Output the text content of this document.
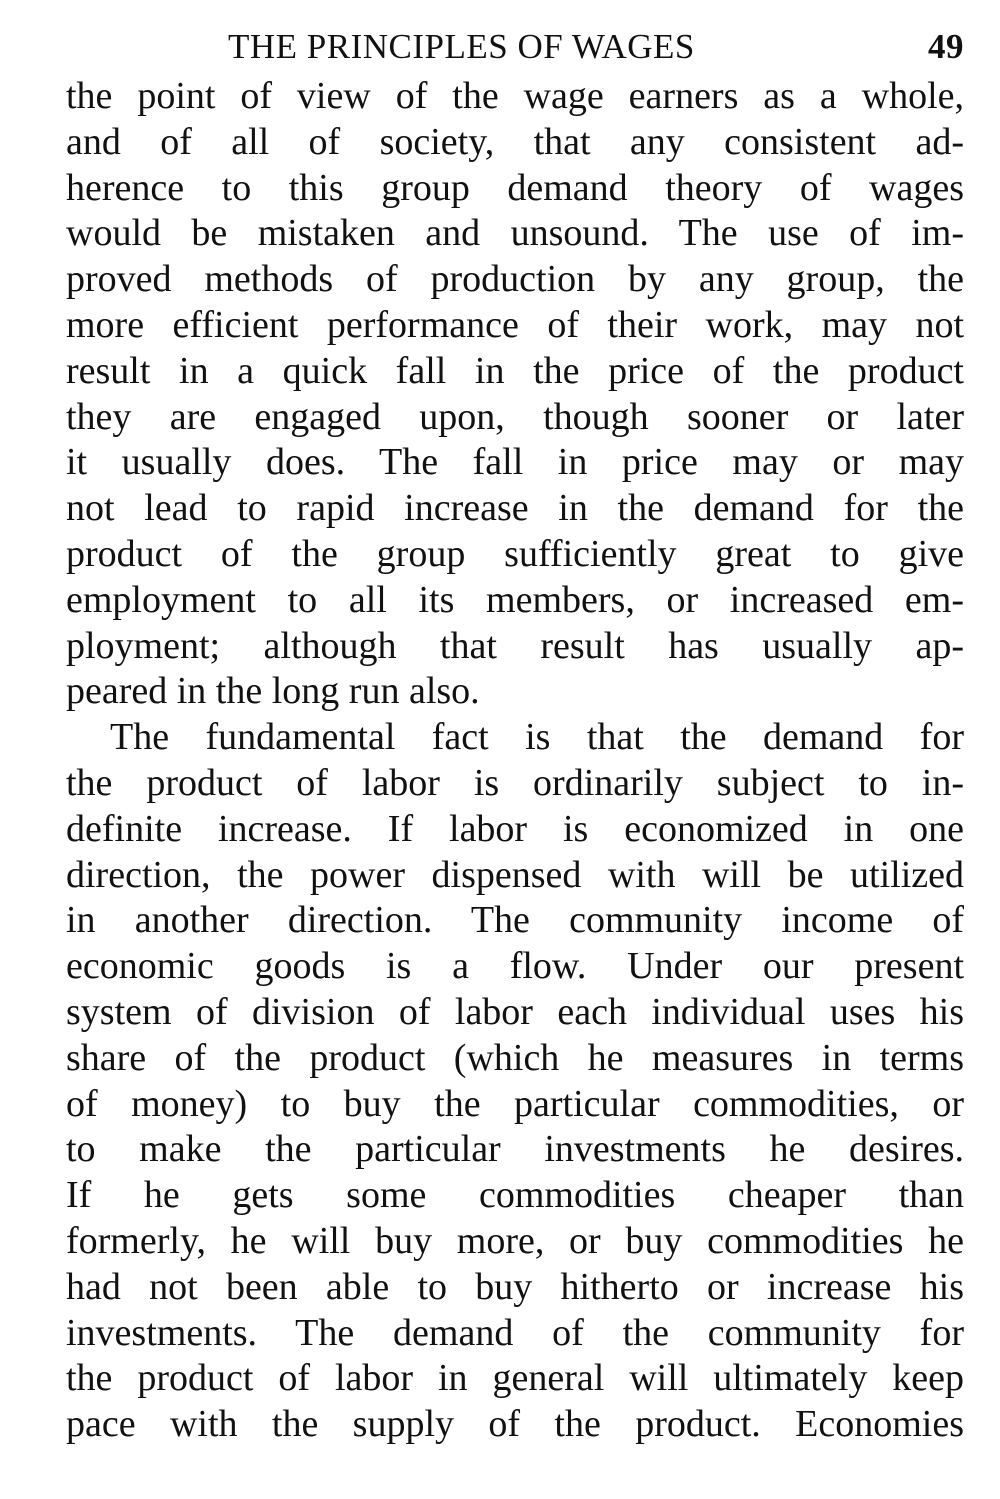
THE PRINCIPLES OF WAGES	49
the point of view of the wage earners as a whole,
and of all of society, that any consistent ad-
herence to this group demand theory of wages
would be mistaken and unsound. The use of im-
proved methods of production by any group, the
more efficient performance of their work, may not
result in a quick fall in the price of the product
they are engaged upon, though sooner or later
it usually does. The fall in price may or may
not lead to rapid increase in the demand for the
product of the group sufficiently great to give
employment to all its members, or increased em-
ployment; although that result has usually ap-
peared in the long run also.
The fundamental fact is that the demand for
the product of labor is ordinarily subject to in-
definite increase. If labor is economized in one
direction, the power dispensed with will be utilized
in another direction. The community income of
economic goods is a flow. Under our present
system of division of labor each individual uses his
share of the product (which he measures in terms
of money) to buy the particular commodities, or
to make the particular investments he desires.
If he gets some commodities cheaper than
formerly, he will buy more, or buy commodities he
had not been able to buy hitherto or increase his
investments. The demand of the community for
the product of labor in general will ultimately keep
pace with the supply of the product. Economies
